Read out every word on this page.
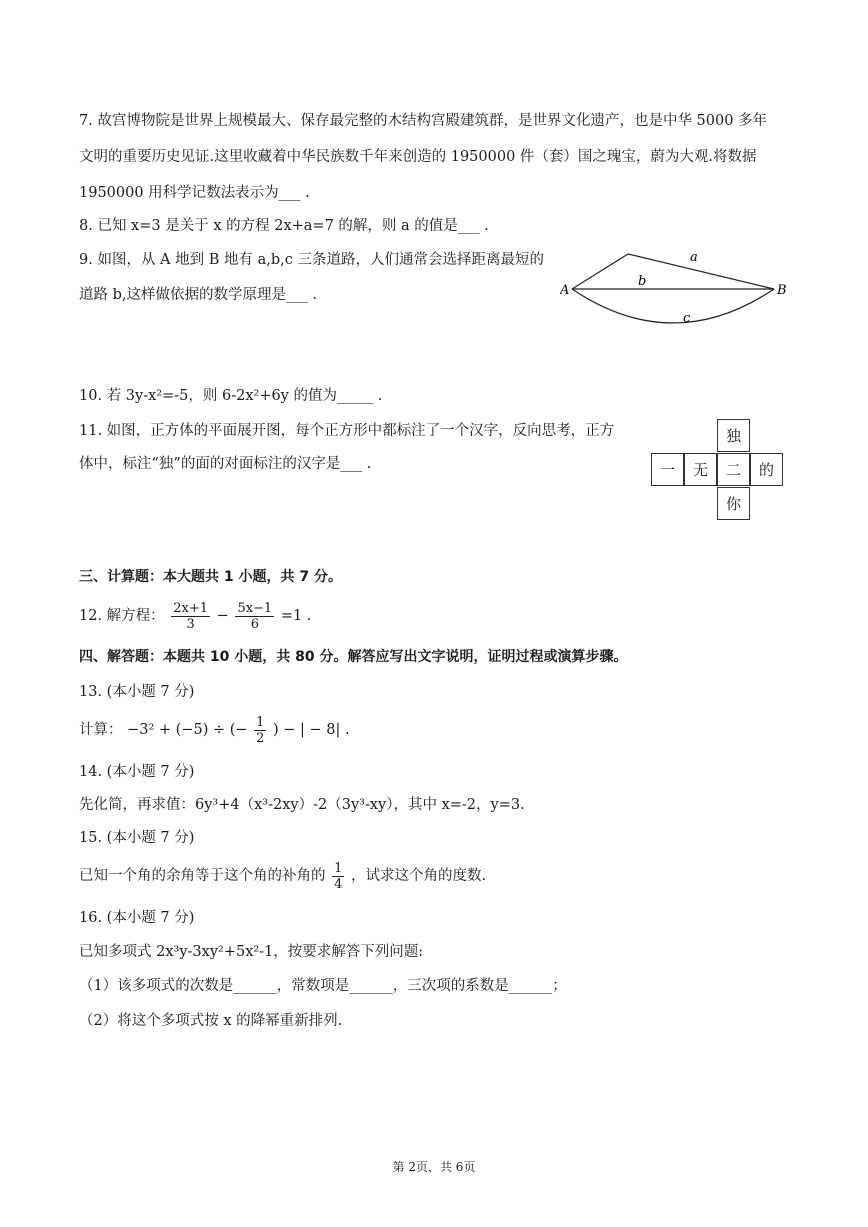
7. 故宫博物院是世界上规模最大、保存最完整的木结构宫殿建筑群，是世界文化遗产，也是中华 5000 多年
文明的重要历史见证.这里收藏着中华民族数千年来创造的 1950000 件（套）国之瑰宝，蔚为大观.将数据
1950000 用科学记数法表示为___ .
8. 已知 x=3 是关于 x 的方程 2x+a=7 的解，则 a 的值是___ .
9. 如图，从 A 地到 B 地有 a,b,c 三条道路，人们通常会选择距离最短的
道路 b,这样做依据的数学原理是___ .	A	B
a
b
c
10. 若 3y-x²=-5，则 6-2x²+6y 的值为_____ .
11. 如图，正方体的平面展开图，每个正方形中都标注了一个汉字，反向思考，正方
体中，标注“独”的面的对面标注的汉字是___ .
独
一	无	二	的
你
三、计算题：本大题共 1 小题，共 7 分。
12. 解方程： $\frac{2x+1}{3} - \frac{5x-1}{6} =1$ .
四、解答题：本题共 10 小题，共 80 分。解答应写出文字说明，证明过程或演算步骤。
13. (本小题 7 分)
计算： −3² + (−5) ÷ (− $\frac{1}{2}$ ) − | − 8| .
14. (本小题 7 分)
先化简，再求值：6y³+4（x³-2xy）-2（3y³-xy），其中 x=-2，y=3.
15. (本小题 7 分)
已知一个角的余角等于这个角的补角的 $\frac{1}{4}$ ，试求这个角的度数.
16. (本小题 7 分)
已知多项式 2x³y-3xy²+5x²-1，按要求解答下列问题:
（1）该多项式的次数是______，常数项是______，三次项的系数是______；
（2）将这个多项式按 x 的降幂重新排列.
第 2页，共 6页
